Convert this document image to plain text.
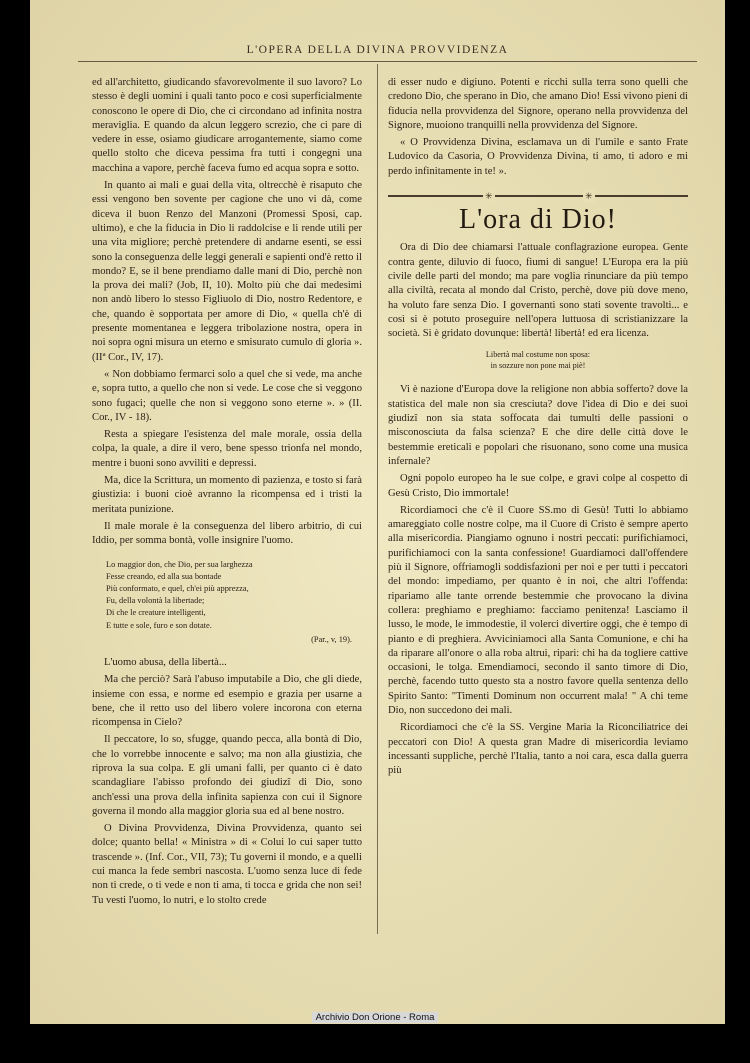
L'OPERA DELLA DIVINA PROVVIDENZA

ed all'architetto, giudicando sfavorevolmente il suo lavoro? Lo stesso è degli uomini i quali tanto poco e così superficialmente conoscono le opere di Dio, che ci circondano ad infinita nostra meraviglia. E quando da alcun leggero screzio, che ci pare di vedere in esse, osiamo giudicare arrogantemente, siamo come quello stolto che diceva pessima fra tutti i congegni una macchina a vapore, perchè faceva fumo ed acqua sopra e sotto.

In quanto ai mali e guai della vita, oltrecchè è risaputo che essi vengono ben sovente per cagione che uno vi dà, come diceva il buon Renzo del Manzoni (Promessi Sposi, cap. ultimo), e che la fiducia in Dio li raddolcise e li rende utili per una vita migliore; perchè pretendere di andarne esenti, se essi sono la conseguenza delle leggi generali e sapienti ond'è retto il mondo? E, se il bene prendiamo dalle mani di Dio, perchè non la prova dei mali? (Job, II, 10). Molto più che dai medesimi non andò libero lo stesso Figliuolo di Dio, nostro Redentore, e che, quando è sopportata per amore di Dio, « quella ch'è di presente momentanea e leggera tribolazione nostra, opera in noi sopra ogni misura un eterno e smisurato cumulo di gloria ». (IIª Cor., IV, 17).

« Non dobbiamo fermarci solo a quel che si vede, ma anche e, sopra tutto, a quello che non si vede. Le cose che si veggono sono fugaci; quelle che non si veggono sono eterne ». » (II. Cor., IV - 18).

Resta a spiegare l'esistenza del male morale, ossia della colpa, la quale, a dire il vero, bene spesso trionfa nel mondo, mentre i buoni sono avviliti e depressi.

Ma, dice la Scrittura, un momento di pazienza, e tosto si farà giustizia: i buoni cioè avranno la ricompensa ed i tristi la meritata punizione.

Il male morale è la conseguenza del libero arbitrio, di cui Iddio, per somma bontà, volle insignire l'uomo.

Lo maggior don, che Dio, per sua larghezza
Fesse creando, ed alla sua bontade
Più conformato, e quel, ch'ei più apprezza,
Fu, della volontà la libertade;
Di che le creature intelligenti,
E tutte e sole, furo e son dotate.
(Par., v, 19).

L'uomo abusa, della libertà...

Ma che perciò? Sarà l'abuso imputabile a Dio, che gli diede, insieme con essa, e norme ed esempio e grazia per usarne a bene, che il retto uso del libero volere incorona con eterna ricompensa in Cielo?

Il peccatore, lo so, sfugge, quando pecca, alla bontà di Dio, che lo vorrebbe innocente e salvo; ma non alla giustizia, che riprova la sua colpa. E gli umani falli, per quanto ci è dato scandagliare l'abisso profondo dei giudizî di Dio, sono anch'essi una prova della infinita sapienza con cui il Signore governa il mondo alla maggior gloria sua ed al bene nostro.

O Divina Provvidenza, Divina Provvidenza, quanto sei dolce; quanto bella! « Ministra » di « Colui lo cui saper tutto trascende ». (Inf. Cor., VII, 73); Tu governi il mondo, e a quelli cui manca la fede sembri nascosta. L'uomo senza luce di fede non ti crede, o ti vede e non ti ama, ti tocca e grida che non sei! Tu vesti l'uomo, lo nutri, e lo stolto crede

di esser nudo e digiuno. Potenti e ricchi sulla terra sono quelli che credono Dio, che sperano in Dio, che amano Dio! Essi vivono pieni di fiducia nella provvidenza del Signore, operano nella provvidenza del Signore, muoiono tranquilli nella provvidenza del Signore.

« O Provvidenza Divina, esclamava un di l'umile e santo Frate Ludovico da Casoria, O Provvidenza Divina, ti amo, ti adoro e mi perdo infinitamente in te! ».

✳	✳
L'ora di Dio!

Ora di Dio dee chiamarsi l'attuale conflagrazione europea. Gente contra gente, diluvio di fuoco, fiumi di sangue! L'Europa era la più civile delle parti del mondo; ma pare voglia rinunciare da più tempo alla civiltà, recata al mondo dal Cristo, perchè, dove più dove meno, ha voluto fare senza Dio. I governanti sono stati sovente travolti... e così si è potuto proseguire nell'opera luttuosa di scristianizzare la società. Si è gridato dovunque: libertà! libertà! ed era licenza.

Libertà mal costume non sposa:
in sozzure non pone mai piè!

Vi è nazione d'Europa dove la religione non abbia sofferto? dove la statistica del male non sia cresciuta? dove l'idea di Dio e dei suoi giudizî non sia stata soffocata dai tumulti delle passioni o misconosciuta da falsa scienza? E che dire delle città dove le bestemmie ereticali e popolari che risuonano, sono come una musica infernale?

Ogni popolo europeo ha le sue colpe, e gravi colpe al cospetto di Gesù Cristo, Dio immortale!

Ricordiamoci che c'è il Cuore SS.mo di Gesù! Tutti lo abbiamo amareggiato colle nostre colpe, ma il Cuore di Cristo è sempre aperto alla misericordia. Piangiamo ognuno i nostri peccati: purifichiamoci, purifichiamoci con la santa confessione! Guardiamoci dall'offendere più il Signore, offriamogli soddisfazioni per noi e per tutti i peccatori del mondo: impediamo, per quanto è in noi, che altri l'offenda: ripariamo alle tante orrende bestemmie che provocano la divina collera: preghiamo e preghiamo: facciamo penitenza! Lasciamo il lusso, le mode, le immodestie, il volerci divertire oggi, che è tempo di pianto e di preghiera. Avviciniamoci alla Santa Comunione, e chi ha da riparare all'onore o alla roba altrui, ripari: chi ha da togliere cattive occasioni, le tolga. Emendiamoci, secondo il santo timore di Dio, perchè, facendo tutto questo sta a nostro favore quella sentenza dello Spirito Santo: "Timenti Dominum non occurrent mala! " A chi teme Dio, non succedono dei mali.

Ricordiamoci che c'è la SS. Vergine Maria la Riconciliatrice dei peccatori con Dio! A questa gran Madre di misericordia leviamo incessanti suppliche, perchè l'Italia, tanto a noi cara, esca dalla guerra più

Archivio Don Orione - Roma
